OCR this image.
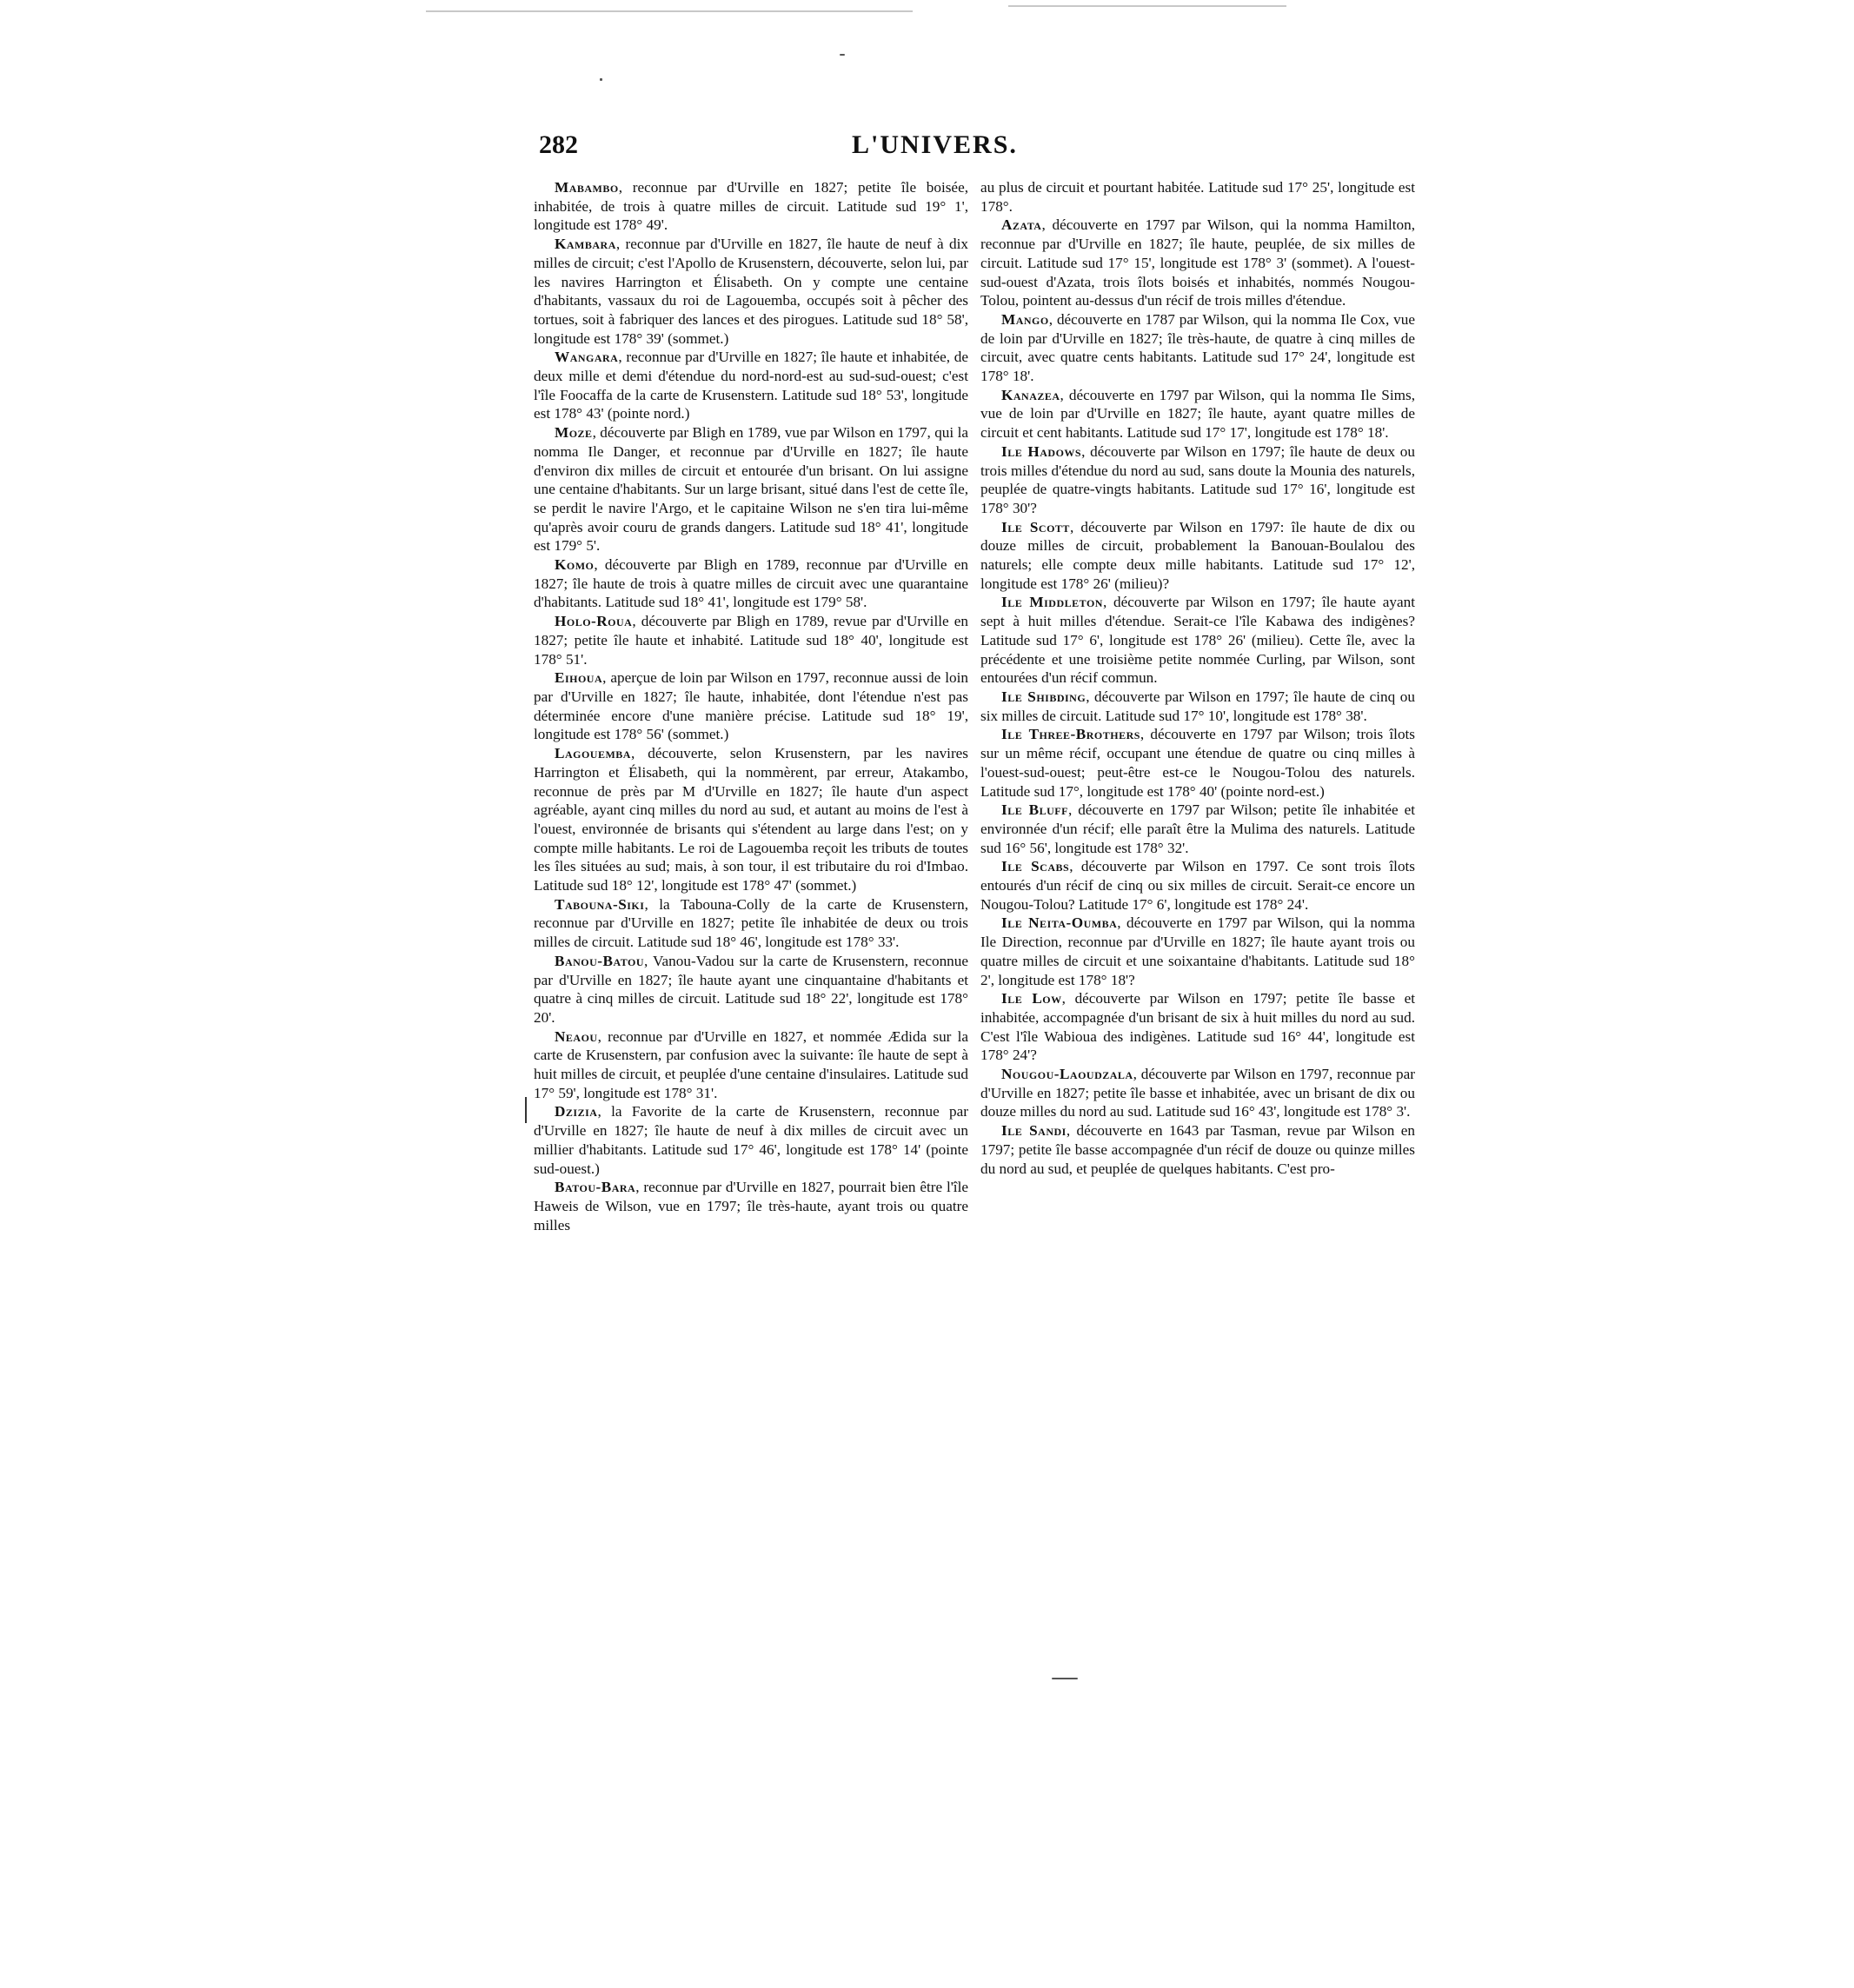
282	L'UNIVERS.

Mabambo, reconnue par d'Urville en 1827; petite île boisée, inhabitée, de trois à quatre milles de circuit. Latitude sud 19° 1', longitude est 178° 49'.

Kambara, reconnue par d'Urville en 1827, île haute de neuf à dix milles de circuit; c'est l'Apollo de Krusenstern, découverte, selon lui, par les navires Harrington et Élisabeth. On y compte une centaine d'habitants, vassaux du roi de Lagouemba, occupés soit à pêcher des tortues, soit à fabriquer des lances et des pirogues. Latitude sud 18° 58', longitude est 178° 39' (sommet.)

Wangara, reconnue par d'Urville en 1827; île haute et inhabitée, de deux mille et demi d'étendue du nord-nord-est au sud-sud-ouest; c'est l'île Foocaffa de la carte de Krusenstern. Latitude sud 18° 53', longitude est 178° 43' (pointe nord.)

Moze, découverte par Bligh en 1789, vue par Wilson en 1797, qui la nomma Ile Danger, et reconnue par d'Urville en 1827; île haute d'environ dix milles de circuit et entourée d'un brisant. On lui assigne une centaine d'habitants. Sur un large brisant, situé dans l'est de cette île, se perdit le navire l'Argo, et le capitaine Wilson ne s'en tira lui-même qu'après avoir couru de grands dangers. Latitude sud 18° 41', longitude est 179° 5'.

Komo, découverte par Bligh en 1789, reconnue par d'Urville en 1827; île haute de trois à quatre milles de circuit avec une quarantaine d'habitants. Latitude sud 18° 41', longitude est 179° 58'.

Holo-Roua, découverte par Bligh en 1789, revue par d'Urville en 1827; petite île haute et inhabité. Latitude sud 18° 40', longitude est 178° 51'.

Eihoua, aperçue de loin par Wilson en 1797, reconnue aussi de loin par d'Urville en 1827; île haute, inhabitée, dont l'étendue n'est pas déterminée encore d'une manière précise. Latitude sud 18° 19', longitude est 178° 56' (sommet.)

Lagouemba, découverte, selon Krusenstern, par les navires Harrington et Élisabeth, qui la nommèrent, par erreur, Atakambo, reconnue de près par M d'Urville en 1827; île haute d'un aspect agréable, ayant cinq milles du nord au sud, et autant au moins de l'est à l'ouest, environnée de brisants qui s'étendent au large dans l'est; on y compte mille habitants. Le roi de Lagouemba reçoit les tributs de toutes les îles situées au sud; mais, à son tour, il est tributaire du roi d'Imbao. Latitude sud 18° 12', longitude est 178° 47' (sommet.)

Tabouna-Siki, la Tabouna-Colly de la carte de Krusenstern, reconnue par d'Urville en 1827; petite île inhabitée de deux ou trois milles de circuit. Latitude sud 18° 46', longitude est 178° 33'.

Banou-Batou, Vanou-Vadou sur la carte de Krusenstern, reconnue par d'Urville en 1827; île haute ayant une cinquantaine d'habitants et quatre à cinq milles de circuit. Latitude sud 18° 22', longitude est 178° 20'.

Neaou, reconnue par d'Urville en 1827, et nommée Ædida sur la carte de Krusenstern, par confusion avec la suivante: île haute de sept à huit milles de circuit, et peuplée d'une centaine d'insulaires. Latitude sud 17° 59', longitude est 178° 31'.

Dzizia, la Favorite de la carte de Krusenstern, reconnue par d'Urville en 1827; île haute de neuf à dix milles de circuit avec un millier d'habitants. Latitude sud 17° 46', longitude est 178° 14' (pointe sud-ouest.)

Batou-Bara, reconnue par d'Urville en 1827, pourrait bien être l'île Haweis de Wilson, vue en 1797; île très-haute, ayant trois ou quatre milles

au plus de circuit et pourtant habitée. Latitude sud 17° 25', longitude est 178°.

Azata, découverte en 1797 par Wilson, qui la nomma Hamilton, reconnue par d'Urville en 1827; île haute, peuplée, de six milles de circuit. Latitude sud 17° 15', longitude est 178° 3' (sommet). A l'ouest-sud-ouest d'Azata, trois îlots boisés et inhabités, nommés Nougou-Tolou, pointent au-dessus d'un récif de trois milles d'étendue.

Mango, découverte en 1787 par Wilson, qui la nomma Ile Cox, vue de loin par d'Urville en 1827; île très-haute, de quatre à cinq milles de circuit, avec quatre cents habitants. Latitude sud 17° 24', longitude est 178° 18'.

Kanazea, découverte en 1797 par Wilson, qui la nomma Ile Sims, vue de loin par d'Urville en 1827; île haute, ayant quatre milles de circuit et cent habitants. Latitude sud 17° 17', longitude est 178° 18'.

Ile Hadows, découverte par Wilson en 1797; île haute de deux ou trois milles d'étendue du nord au sud, sans doute la Mounia des naturels, peuplée de quatre-vingts habitants. Latitude sud 17° 16', longitude est 178° 30'?

Ile Scott, découverte par Wilson en 1797: île haute de dix ou douze milles de circuit, probablement la Banouan-Boulalou des naturels; elle compte deux mille habitants. Latitude sud 17° 12', longitude est 178° 26' (milieu)?

Ile Middleton, découverte par Wilson en 1797; île haute ayant sept à huit milles d'étendue. Serait-ce l'île Kabawa des indigènes? Latitude sud 17° 6', longitude est 178° 26' (milieu). Cette île, avec la précédente et une troisième petite nommée Curling, par Wilson, sont entourées d'un récif commun.

Ile Shibding, découverte par Wilson en 1797; île haute de cinq ou six milles de circuit. Latitude sud 17° 10', longitude est 178° 38'.

Ile Three-Brothers, découverte en 1797 par Wilson; trois îlots sur un même récif, occupant une étendue de quatre ou cinq milles à l'ouest-sud-ouest; peut-être est-ce le Nougou-Tolou des naturels. Latitude sud 17°, longitude est 178° 40' (pointe nord-est.)

Ile Bluff, découverte en 1797 par Wilson; petite île inhabitée et environnée d'un récif; elle paraît être la Mulima des naturels. Latitude sud 16° 56', longitude est 178° 32'.

Ile Scabs, découverte par Wilson en 1797. Ce sont trois îlots entourés d'un récif de cinq ou six milles de circuit. Serait-ce encore un Nougou-Tolou? Latitude 17° 6', longitude est 178° 24'.

Ile Neita-Oumba, découverte en 1797 par Wilson, qui la nomma Ile Direction, reconnue par d'Urville en 1827; île haute ayant trois ou quatre milles de circuit et une soixantaine d'habitants. Latitude sud 18° 2', longitude est 178° 18'?

Ile Low, découverte par Wilson en 1797; petite île basse et inhabitée, accompagnée d'un brisant de six à huit milles du nord au sud. C'est l'île Wabioua des indigènes. Latitude sud 16° 44', longitude est 178° 24'?

Nougou-Laoudzala, découverte par Wilson en 1797, reconnue par d'Urville en 1827; petite île basse et inhabitée, avec un brisant de dix ou douze milles du nord au sud. Latitude sud 16° 43', longitude est 178° 3'.

Ile Sandi, découverte en 1643 par Tasman, revue par Wilson en 1797; petite île basse accompagnée d'un récif de douze ou quinze milles du nord au sud, et peuplée de quelques habitants. C'est pro-
